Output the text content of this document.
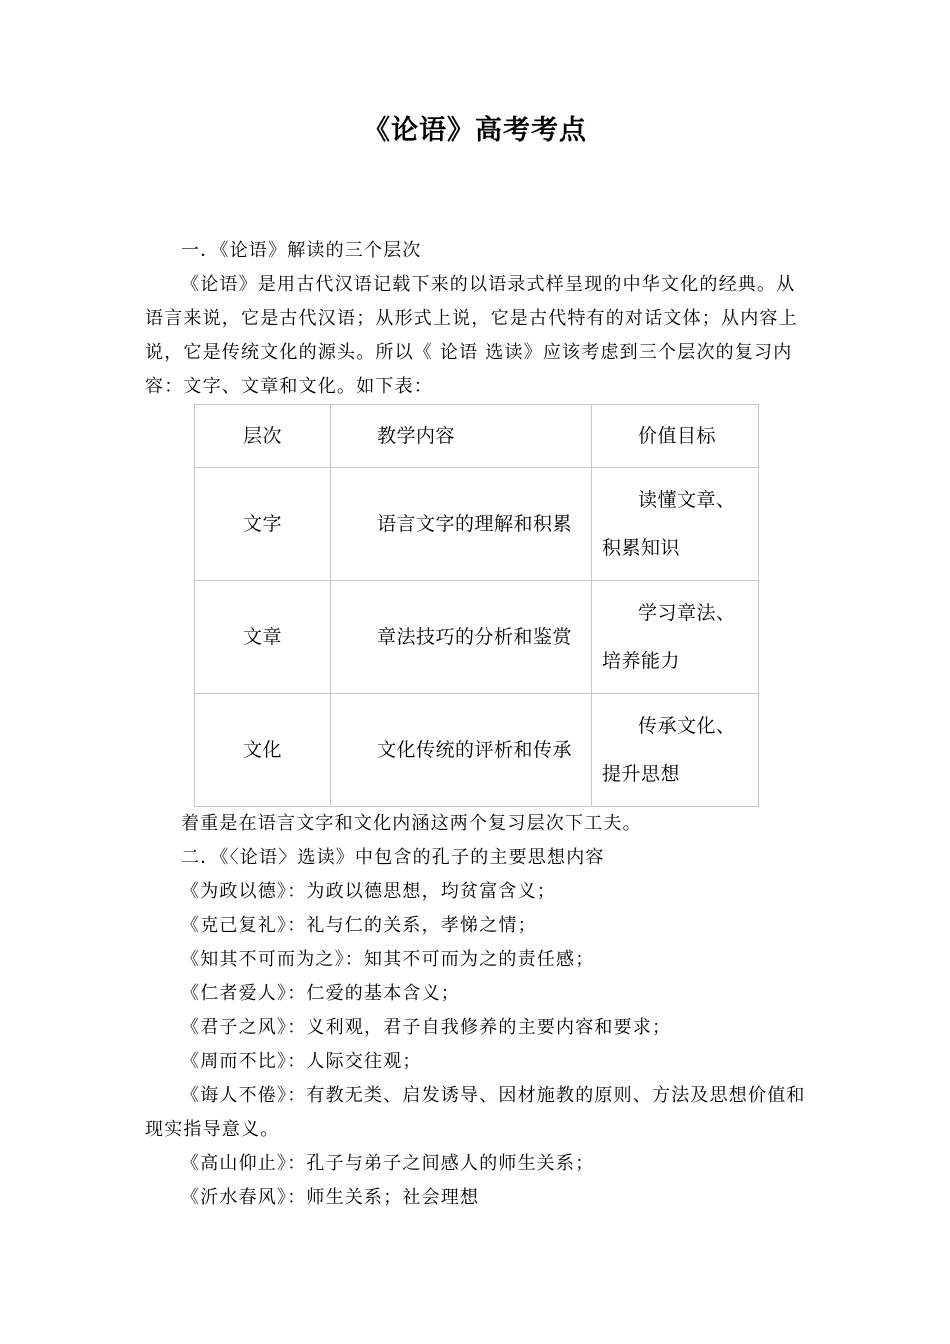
《论语》高考考点

一．《论语》解读的三个层次

《论语》是用古代汉语记载下来的以语录式样呈现的中华文化的经典。从语言来说，它是古代汉语；从形式上说，它是古代特有的对话文体；从内容上说，它是传统文化的源头。所以《 论语 选读》应该考虑到三个层次的复习内容：文字、文章和文化。如下表：

层次	教学内容	价值目标

文字	语言文字的理解和积累	读懂文章、积累知识

文章	章法技巧的分析和鉴赏	学习章法、培养能力

文化	文化传统的评析和传承	传承文化、提升思想

着重是在语言文字和文化内涵这两个复习层次下工夫。

二．《〈论语〉选读》中包含的孔子的主要思想内容

《为政以德》：为政以德思想，均贫富含义；

《克己复礼》：礼与仁的关系，孝悌之情；

《知其不可而为之》：知其不可而为之的责任感；

《仁者爱人》：仁爱的基本含义；

《君子之风》：义利观，君子自我修养的主要内容和要求；

《周而不比》：人际交往观；

《诲人不倦》：有教无类、启发诱导、因材施教的原则、方法及思想价值和现实指导意义。

《高山仰止》：孔子与弟子之间感人的师生关系；

《沂水春风》：师生关系；社会理想
